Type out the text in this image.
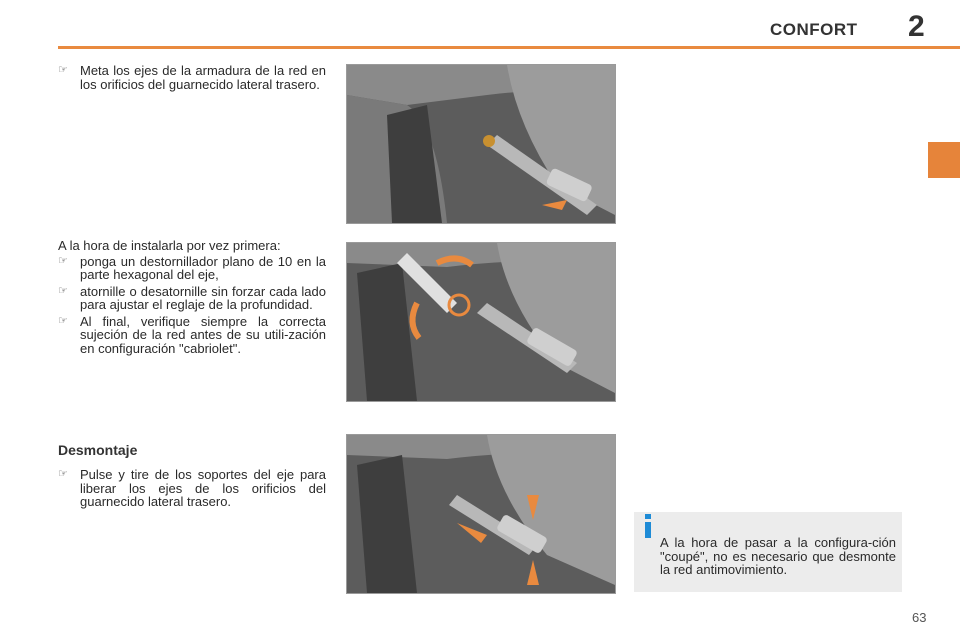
CONFORT 2
☞ Meta los ejes de la armadura de la red en los orificios del guarnecido lateral trasero.
A la hora de instalarla por vez primera:
☞ ponga un destornillador plano de 10 en la parte hexagonal del eje,
☞ atornille o desatornille sin forzar cada lado para ajustar el reglaje de la profundidad.
☞ Al final, verifique siempre la correcta sujeción de la red antes de su utili-zación en configuración "cabriolet".
Desmontaje
☞ Pulse y tire de los soportes del eje para liberar los ejes de los orificios del guarnecido lateral trasero.
A la hora de pasar a la configura-ción "coupé", no es necesario que desmonte la red antimovimiento.
63
